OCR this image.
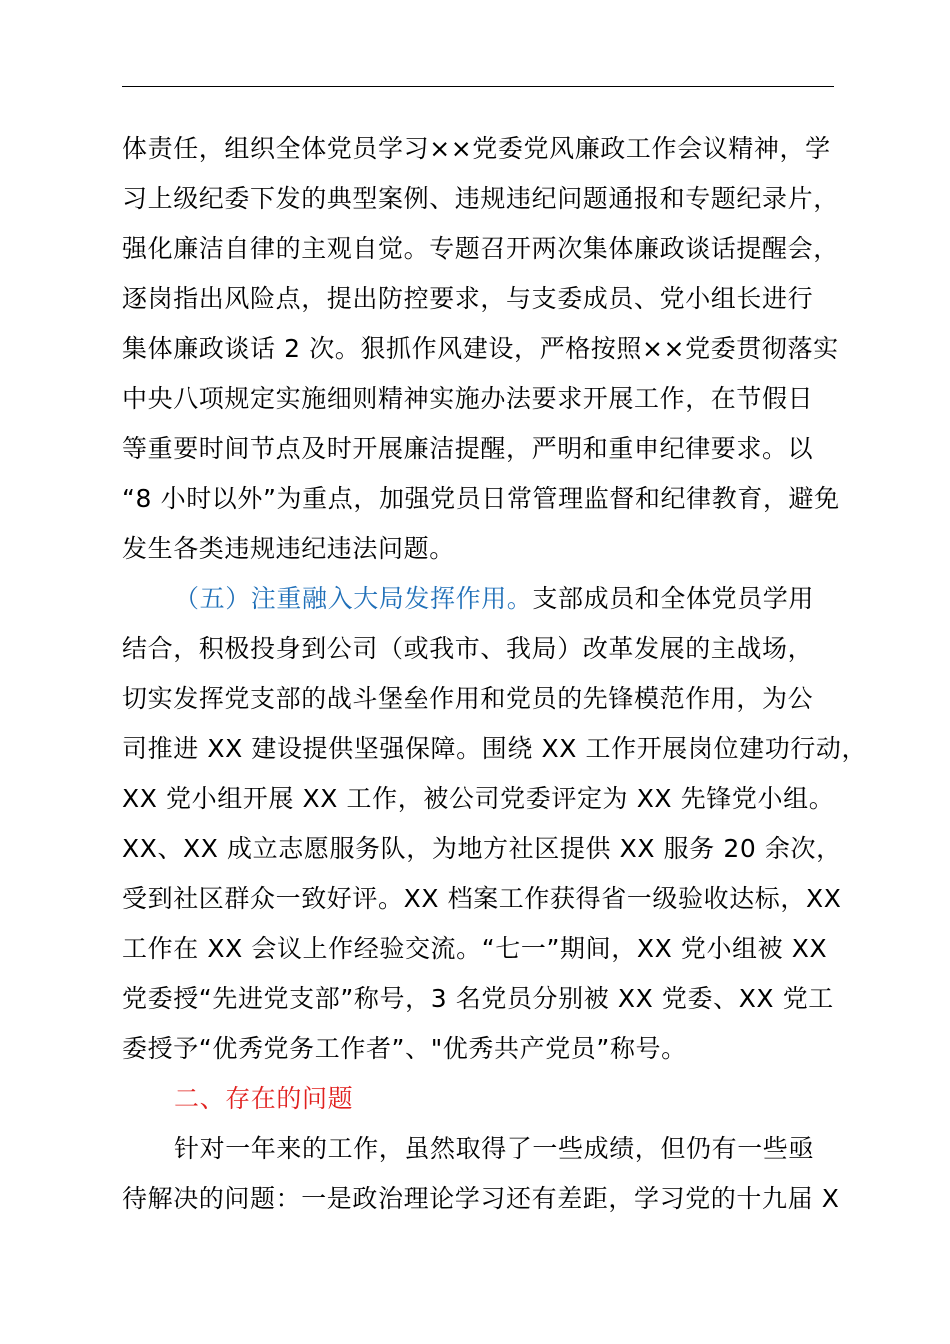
体责任，组织全体党员学习××党委党风廉政工作会议精神，学
习上级纪委下发的典型案例、违规违纪问题通报和专题纪录片，
强化廉洁自律的主观自觉。专题召开两次集体廉政谈话提醒会，
逐岗指出风险点，提出防控要求，与支委成员、党小组长进行
集体廉政谈话 2 次。狠抓作风建设，严格按照××党委贯彻落实
中央八项规定实施细则精神实施办法要求开展工作，在节假日
等重要时间节点及时开展廉洁提醒，严明和重申纪律要求。以
“8 小时以外”为重点，加强党员日常管理监督和纪律教育，避免
发生各类违规违纪违法问题。
（五）注重融入大局发挥作用。支部成员和全体党员学用
结合，积极投身到公司（或我市、我局）改革发展的主战场，
切实发挥党支部的战斗堡垒作用和党员的先锋模范作用，为公
司推进 XX 建设提供坚强保障。围绕 XX 工作开展岗位建功行动，
XX 党小组开展 XX 工作，被公司党委评定为 XX 先锋党小组。
XX、XX 成立志愿服务队，为地方社区提供 XX 服务 20 余次，
受到社区群众一致好评。XX 档案工作获得省一级验收达标，XX
工作在 XX 会议上作经验交流。“七一”期间，XX 党小组被 XX
党委授“先进党支部”称号，3 名党员分别被 XX 党委、XX 党工
委授予“优秀党务工作者”、"优秀共产党员”称号。
二、存在的问题
针对一年来的工作，虽然取得了一些成绩，但仍有一些亟
待解决的问题：一是政治理论学习还有差距，学习党的十九届 X
